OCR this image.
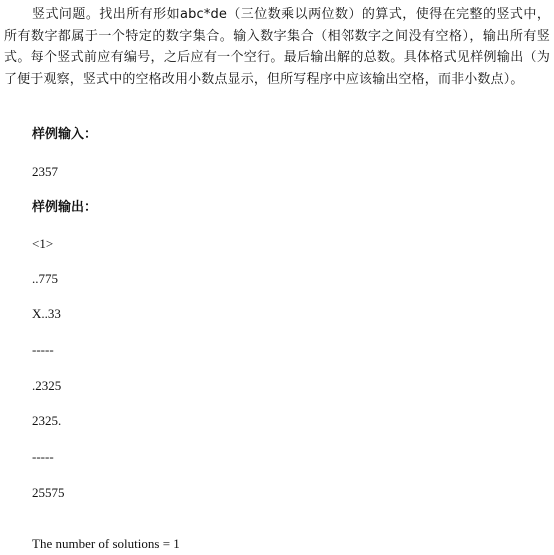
竖式问题。找出所有形如abc*de（三位数乘以两位数）的算式，使得在完整的竖式中，所有数字都属于一个特定的数字集合。输入数字集合（相邻数字之间没有空格），输出所有竖式。每个竖式前应有编号，之后应有一个空行。最后输出解的总数。具体格式见样例输出（为了便于观察，竖式中的空格改用小数点显示，但所写程序中应该输出空格，而非小数点）。

样例输入：
2357
样例输出：
<1>
..775
X..33
-----
.2325
2325.
-----
25575
The number of solutions = 1
